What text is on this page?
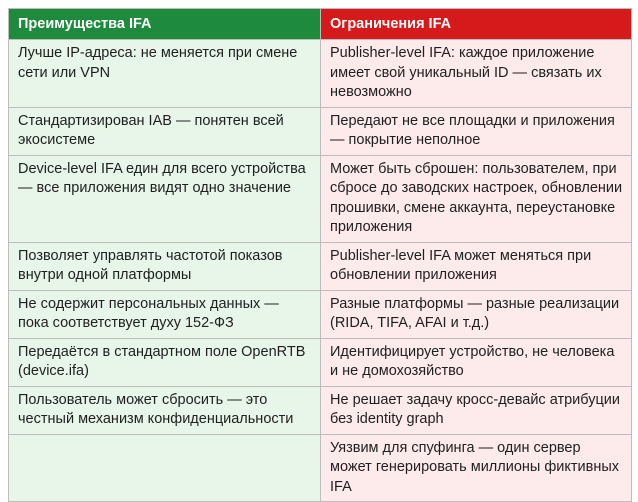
Преимущества IFA	Ограничения IFA
Лучше IP-адреса: не меняется при смене сети или VPN
Publisher-level IFA: каждое приложение имеет свой уникальный ID — связать их невозможно
Стандартизирован IAB — понятен всей экосистеме
Передают не все площадки и приложения — покрытие неполное
Device-level IFA един для всего устройства — все приложения видят одно значение
Может быть сброшен: пользователем, при сбросе до заводских настроек, обновлении прошивки, смене аккаунта, переустановке приложения
Позволяет управлять частотой показов внутри одной платформы
Publisher-level IFA может меняться при обновлении приложения
Не содержит персональных данных — пока соответствует духу 152-ФЗ
Разные платформы — разные реализации (RIDA, TIFA, AFAI и т.д.)
Передаётся в стандартном поле OpenRTB (device.ifa)
Идентифицирует устройство, не человека и не домохозяйство
Пользователь может сбросить — это честный механизм конфиденциальности
Не решает задачу кросс-девайс атрибуции без identity graph
Уязвим для спуфинга — один сервер может генерировать миллионы фиктивных IFA
